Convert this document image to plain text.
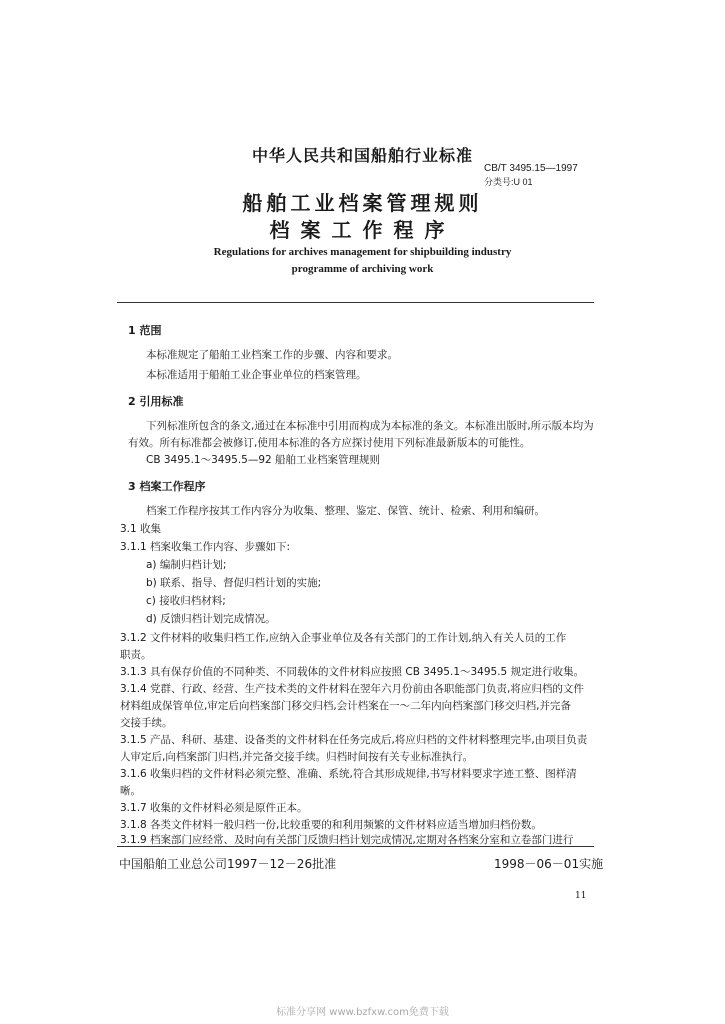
中华人民共和国船舶行业标准
CB/T 3495.15—1997
分类号:U 01
船舶工业档案管理规则
档案工作程序
Regulations for archives management for shipbuilding industry
programme of archiving work
1 范围
本标准规定了船舶工业档案工作的步骤、内容和要求。
本标准适用于船舶工业企事业单位的档案管理。
2 引用标准
下列标准所包含的条文,通过在本标准中引用而构成为本标准的条文。本标准出版时,所示版本均为
有效。所有标准都会被修订,使用本标准的各方应探讨使用下列标准最新版本的可能性。
CB 3495.1～3495.5—92 船舶工业档案管理规则
3 档案工作程序
档案工作程序按其工作内容分为收集、整理、鉴定、保管、统计、检索、利用和编研。
3.1 收集
3.1.1 档案收集工作内容、步骤如下:
a) 编制归档计划;
b) 联系、指导、督促归档计划的实施;
c) 接收归档材料;
d) 反馈归档计划完成情况。
3.1.2 文件材料的收集归档工作,应纳入企事业单位及各有关部门的工作计划,纳入有关人员的工作
职责。
3.1.3 具有保存价值的不同种类、不同载体的文件材料应按照 CB 3495.1～3495.5 规定进行收集。
3.1.4 党群、行政、经营、生产技术类的文件材料在翌年六月份前由各职能部门负责,将应归档的文件
材料组成保管单位,审定后向档案部门移交归档,会计档案在一～二年内向档案部门移交归档,并完备
交接手续。
3.1.5 产品、科研、基建、设备类的文件材料在任务完成后,将应归档的文件材料整理完毕,由项目负责
人审定后,向档案部门归档,并完备交接手续。归档时间按有关专业标准执行。
3.1.6 收集归档的文件材料必须完整、准确、系统,符合其形成规律,书写材料要求字迹工整、图样清
晰。
3.1.7 收集的文件材料必须是原件正本。
3.1.8 各类文件材料一般归档一份,比较重要的和利用频繁的文件材料应适当增加归档份数。
3.1.9 档案部门应经常、及时向有关部门反馈归档计划完成情况,定期对各档案分室和立卷部门进行
中国船舶工业总公司1997－12－26批准	1998－06－01实施
11
标准分享网 www.bzfxw.com免费下载
